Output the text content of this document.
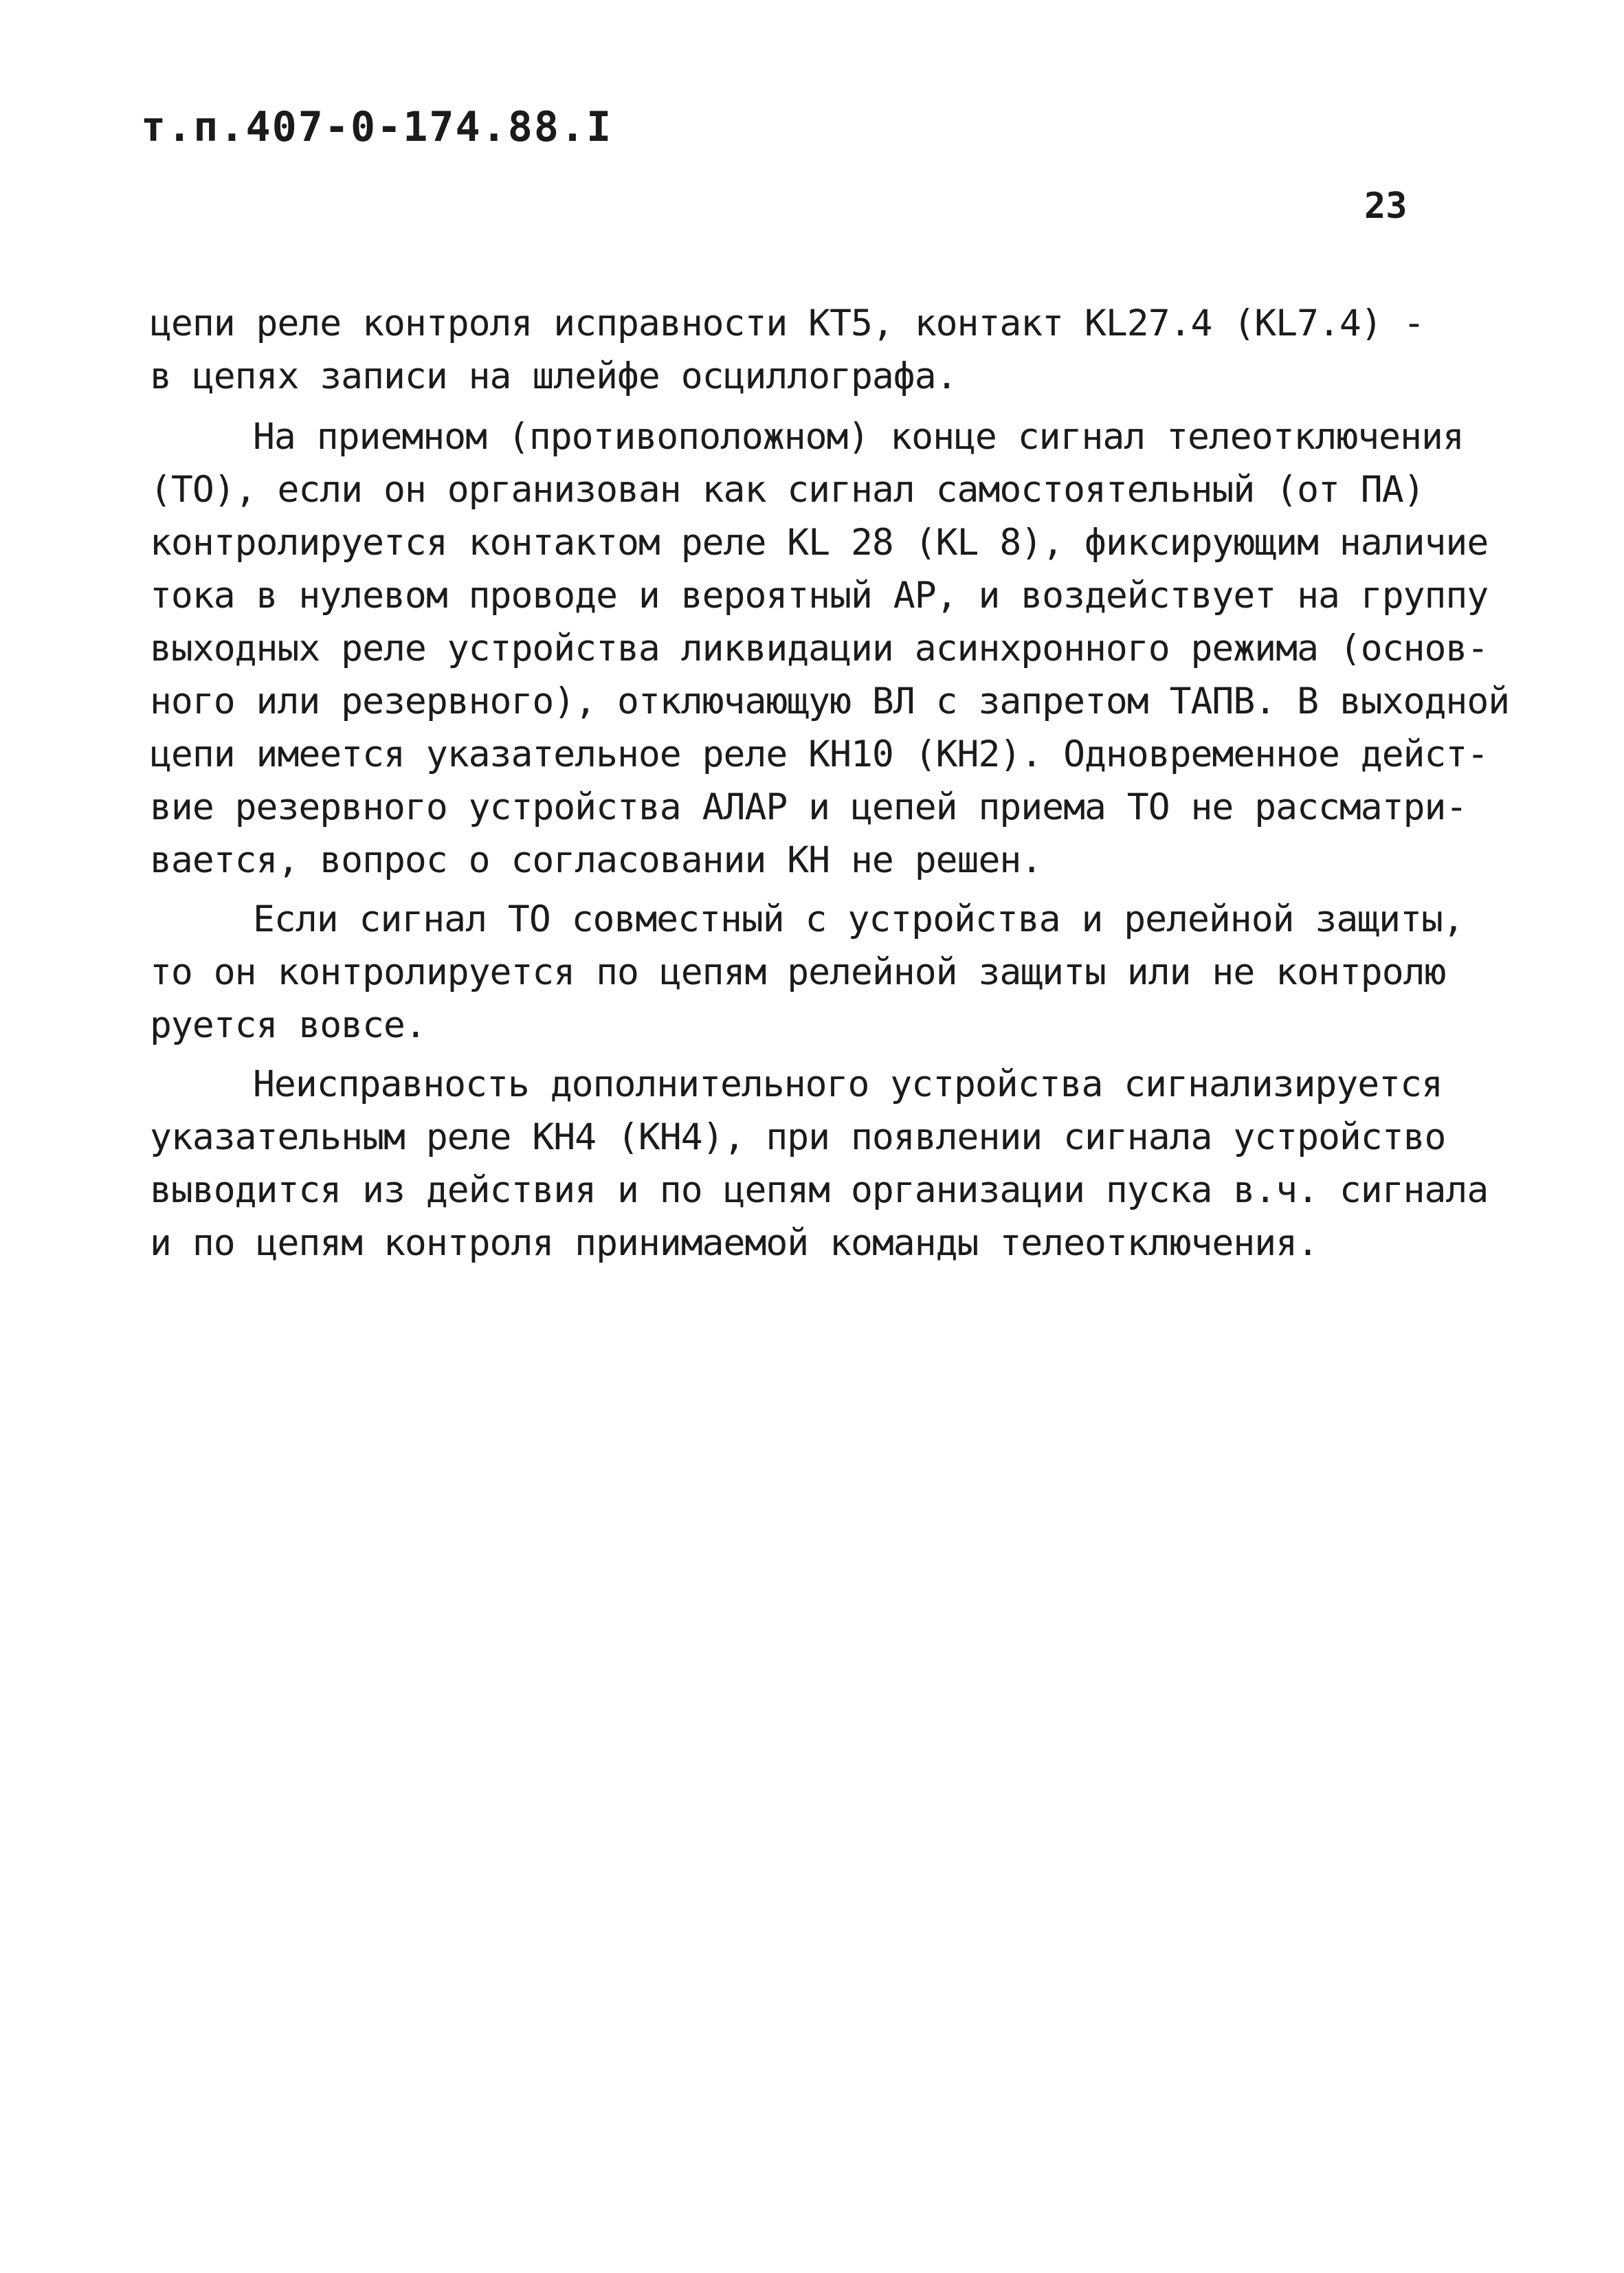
т.п.407-0-174.88.I
23
цепи реле контроля исправности КТ5, контакт КL27.4 (КL7.4) -
в цепях записи на шлейфе осциллографа.
На приемном (противоположном) конце сигнал телеотключения
(ТО), если он организован как сигнал самостоятельный (от ПА)
контролируется контактом реле КL 28 (КL 8), фиксирующим наличие
тока в нулевом проводе и вероятный АР, и воздействует на группу
выходных реле устройства ликвидации асинхронного режима (основ-
ного или резервного), отключающую ВЛ с запретом ТАПВ. В выходной
цепи имеется указательное реле КН10 (КН2). Одновременное дейст-
вие резервного устройства АЛАР и цепей приема ТО не рассматри-
вается, вопрос о согласовании КН не решен.
Если сигнал ТО совместный с устройства и релейной защиты,
то он контролируется по цепям релейной защиты или не контролю
руется вовсе.
Неисправность дополнительного устройства сигнализируется
указательным реле КН4 (КН4), при появлении сигнала устройство
выводится из действия и по цепям организации пуска в.ч. сигнала
и по цепям контроля принимаемой команды телеотключения.
